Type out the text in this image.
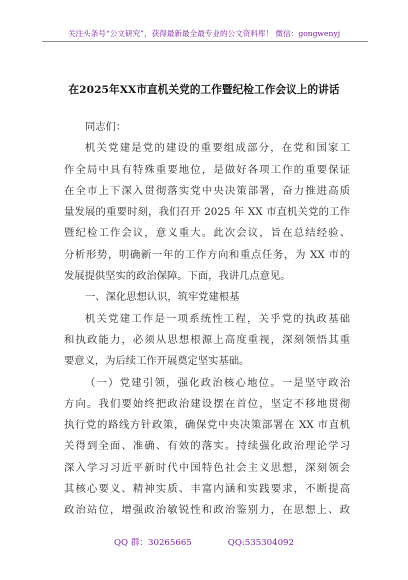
关注头条号“公文研究”，获得最新最全最专业的公文资料库！ 微信：gongwenyj
在2025年XX市直机关党的工作暨纪检工作会议上的讲话
同志们：
机关党建是党的建设的重要组成部分，在党和国家工
作全局中具有特殊重要地位，是做好各项工作的重要保证
在全市上下深入贯彻落实党中央决策部署，奋力推进高质
量发展的重要时刻，我们召开 2025 年 XX 市直机关党的工作
暨纪检工作会议，意义重大。此次会议，旨在总结经验、
分析形势，明确新一年的工作方向和重点任务，为 XX 市的
发展提供坚实的政治保障。下面，我讲几点意见。
一、深化思想认识，筑牢党建根基
机关党建工作是一项系统性工程，关乎党的执政基础
和执政能力，必须从思想根源上高度重视，深刻领悟其重
要意义，为后续工作开展奠定坚实基础。
（一）党建引领，强化政治核心地位。一是坚守政治
方向。我们要始终把政治建设摆在首位，坚定不移地贯彻
执行党的路线方针政策，确保党中央决策部署在 XX 市直机
关得到全面、准确、有效的落实。持续强化政治理论学习
深入学习习近平新时代中国特色社会主义思想，深刻领会
其核心要义、精神实质、丰富内涵和实践要求，不断提高
政治站位，增强政治敏锐性和政治鉴别力，在思想上、政
QQ 群：30265665	QQ:535304092
